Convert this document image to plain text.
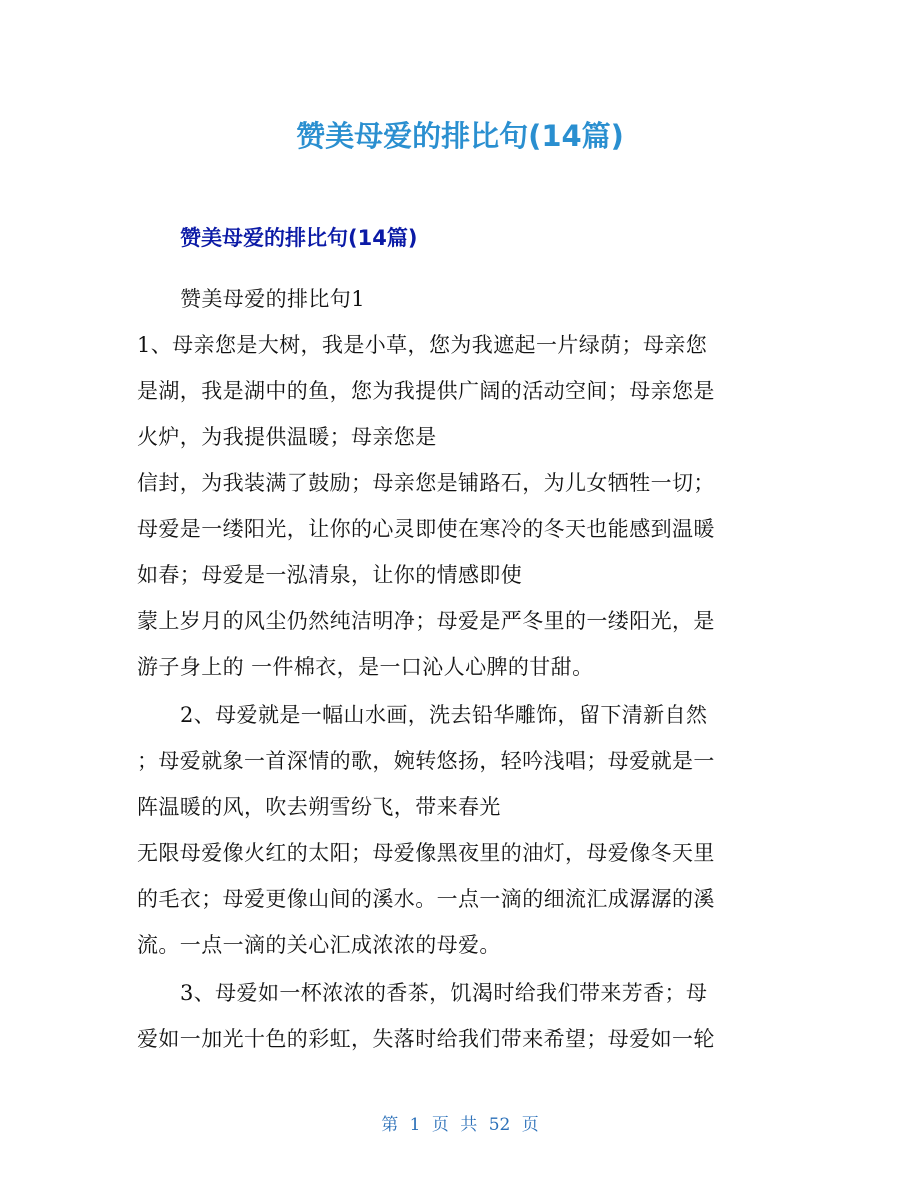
赞美母爱的排比句(14篇)
赞美母爱的排比句(14篇)
赞美母爱的排比句1
1、母亲您是大树，我是小草，您为我遮起一片绿荫；母亲您
是湖，我是湖中的鱼，您为我提供广阔的活动空间；母亲您是
火炉，为我提供温暖；母亲您是
信封，为我装满了鼓励；母亲您是铺路石，为儿女牺牲一切；
母爱是一缕阳光，让你的心灵即使在寒冷的冬天也能感到温暖
如春；母爱是一泓清泉，让你的情感即使
蒙上岁月的风尘仍然纯洁明净；母爱是严冬里的一缕阳光，是
游子身上的 一件棉衣，是一口沁人心脾的甘甜。
2、母爱就是一幅山水画，洗去铅华雕饰，留下清新自然
；母爱就象一首深情的歌，婉转悠扬，轻吟浅唱；母爱就是一
阵温暖的风，吹去朔雪纷飞，带来春光
无限母爱像火红的太阳；母爱像黑夜里的油灯，母爱像冬天里
的毛衣；母爱更像山间的溪水。一点一滴的细流汇成潺潺的溪
流。一点一滴的关心汇成浓浓的母爱。
3、母爱如一杯浓浓的香茶，饥渴时给我们带来芳香；母
爱如一加光十色的彩虹，失落时给我们带来希望；母爱如一轮
第 1 页 共 52 页
